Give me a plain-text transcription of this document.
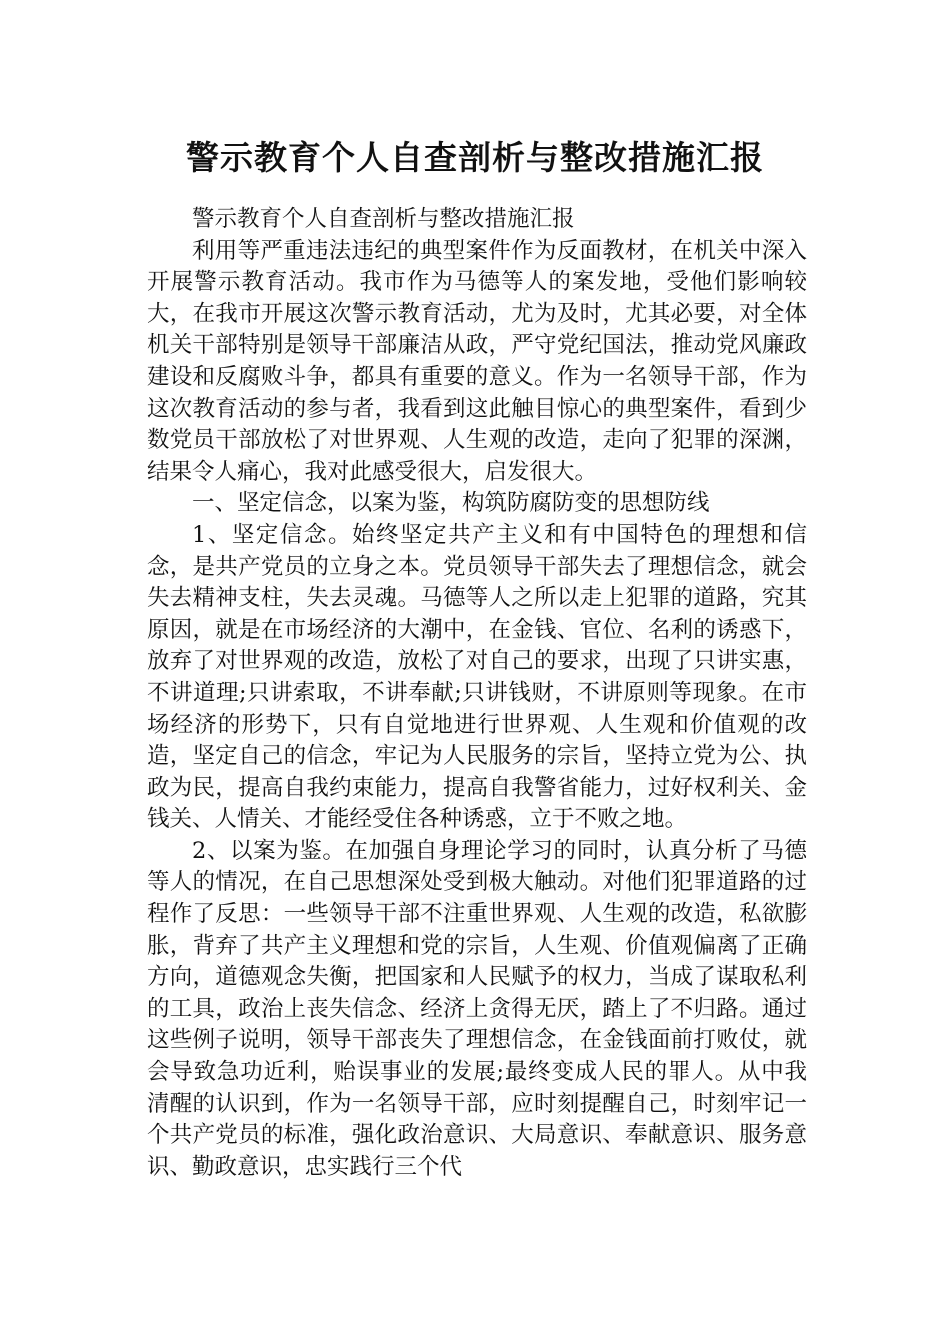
警示教育个人自查剖析与整改措施汇报

警示教育个人自查剖析与整改措施汇报

利用等严重违法违纪的典型案件作为反面教材，在机关中深入开展警示教育活动。我市作为马德等人的案发地，受他们影响较大，在我市开展这次警示教育活动，尤为及时，尤其必要，对全体机关干部特别是领导干部廉洁从政，严守党纪国法，推动党风廉政建设和反腐败斗争，都具有重要的意义。作为一名领导干部，作为这次教育活动的参与者，我看到这此触目惊心的典型案件，看到少数党员干部放松了对世界观、人生观的改造，走向了犯罪的深渊，结果令人痛心，我对此感受很大，启发很大。

一、坚定信念，以案为鉴，构筑防腐防变的思想防线

1、坚定信念。始终坚定共产主义和有中国特色的理想和信念，是共产党员的立身之本。党员领导干部失去了理想信念，就会失去精神支柱，失去灵魂。马德等人之所以走上犯罪的道路，究其原因，就是在市场经济的大潮中，在金钱、官位、名利的诱惑下，放弃了对世界观的改造，放松了对自己的要求，出现了只讲实惠，不讲道理;只讲索取，不讲奉献;只讲钱财，不讲原则等现象。在市场经济的形势下，只有自觉地进行世界观、人生观和价值观的改造，坚定自己的信念，牢记为人民服务的宗旨，坚持立党为公、执政为民，提高自我约束能力，提高自我警省能力，过好权利关、金钱关、人情关、才能经受住各种诱惑，立于不败之地。

2、以案为鉴。在加强自身理论学习的同时，认真分析了马德等人的情况，在自己思想深处受到极大触动。对他们犯罪道路的过程作了反思：一些领导干部不注重世界观、人生观的改造，私欲膨胀，背弃了共产主义理想和党的宗旨，人生观、价值观偏离了正确方向，道德观念失衡，把国家和人民赋予的权力，当成了谋取私利的工具，政治上丧失信念、经济上贪得无厌，踏上了不归路。通过这些例子说明，领导干部丧失了理想信念，在金钱面前打败仗，就会导致急功近利，贻误事业的发展;最终变成人民的罪人。从中我清醒的认识到，作为一名领导干部，应时刻提醒自己，时刻牢记一个共产党员的标准，强化政治意识、大局意识、奉献意识、服务意识、勤政意识，忠实践行三个代
